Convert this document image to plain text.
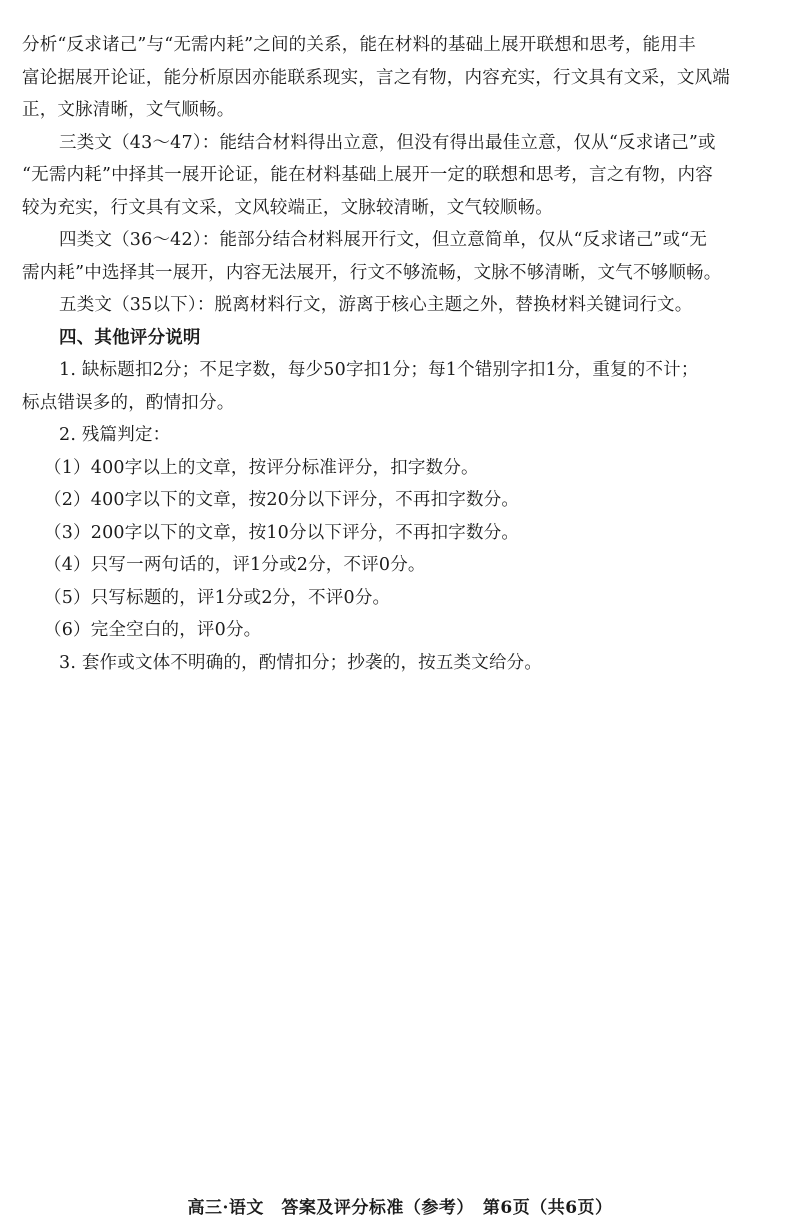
分析“反求诸己”与“无需内耗”之间的关系，能在材料的基础上展开联想和思考，能用丰
富论据展开论证，能分析原因亦能联系现实，言之有物，内容充实，行文具有文采，文风端
正，文脉清晰，文气顺畅。
三类文（43～47）：能结合材料得出立意，但没有得出最佳立意，仅从“反求诸己”或
“无需内耗”中择其一展开论证，能在材料基础上展开一定的联想和思考，言之有物，内容
较为充实，行文具有文采，文风较端正，文脉较清晰，文气较顺畅。
四类文（36～42）：能部分结合材料展开行文，但立意简单，仅从“反求诸己”或“无
需内耗”中选择其一展开，内容无法展开，行文不够流畅，文脉不够清晰，文气不够顺畅。
五类文（35以下）：脱离材料行文，游离于核心主题之外，替换材料关键词行文。
四、其他评分说明
1. 缺标题扣2分；不足字数，每少50字扣1分；每1个错别字扣1分，重复的不计；
标点错误多的，酌情扣分。
2. 残篇判定：
（1）400字以上的文章，按评分标准评分，扣字数分。
（2）400字以下的文章，按20分以下评分，不再扣字数分。
（3）200字以下的文章，按10分以下评分，不再扣字数分。
（4）只写一两句话的，评1分或2分，不评0分。
（5）只写标题的，评1分或2分，不评0分。
（6）完全空白的，评0分。
3. 套作或文体不明确的，酌情扣分；抄袭的，按五类文给分。
高三·语文　答案及评分标准（参考）　第6页（共6页）
